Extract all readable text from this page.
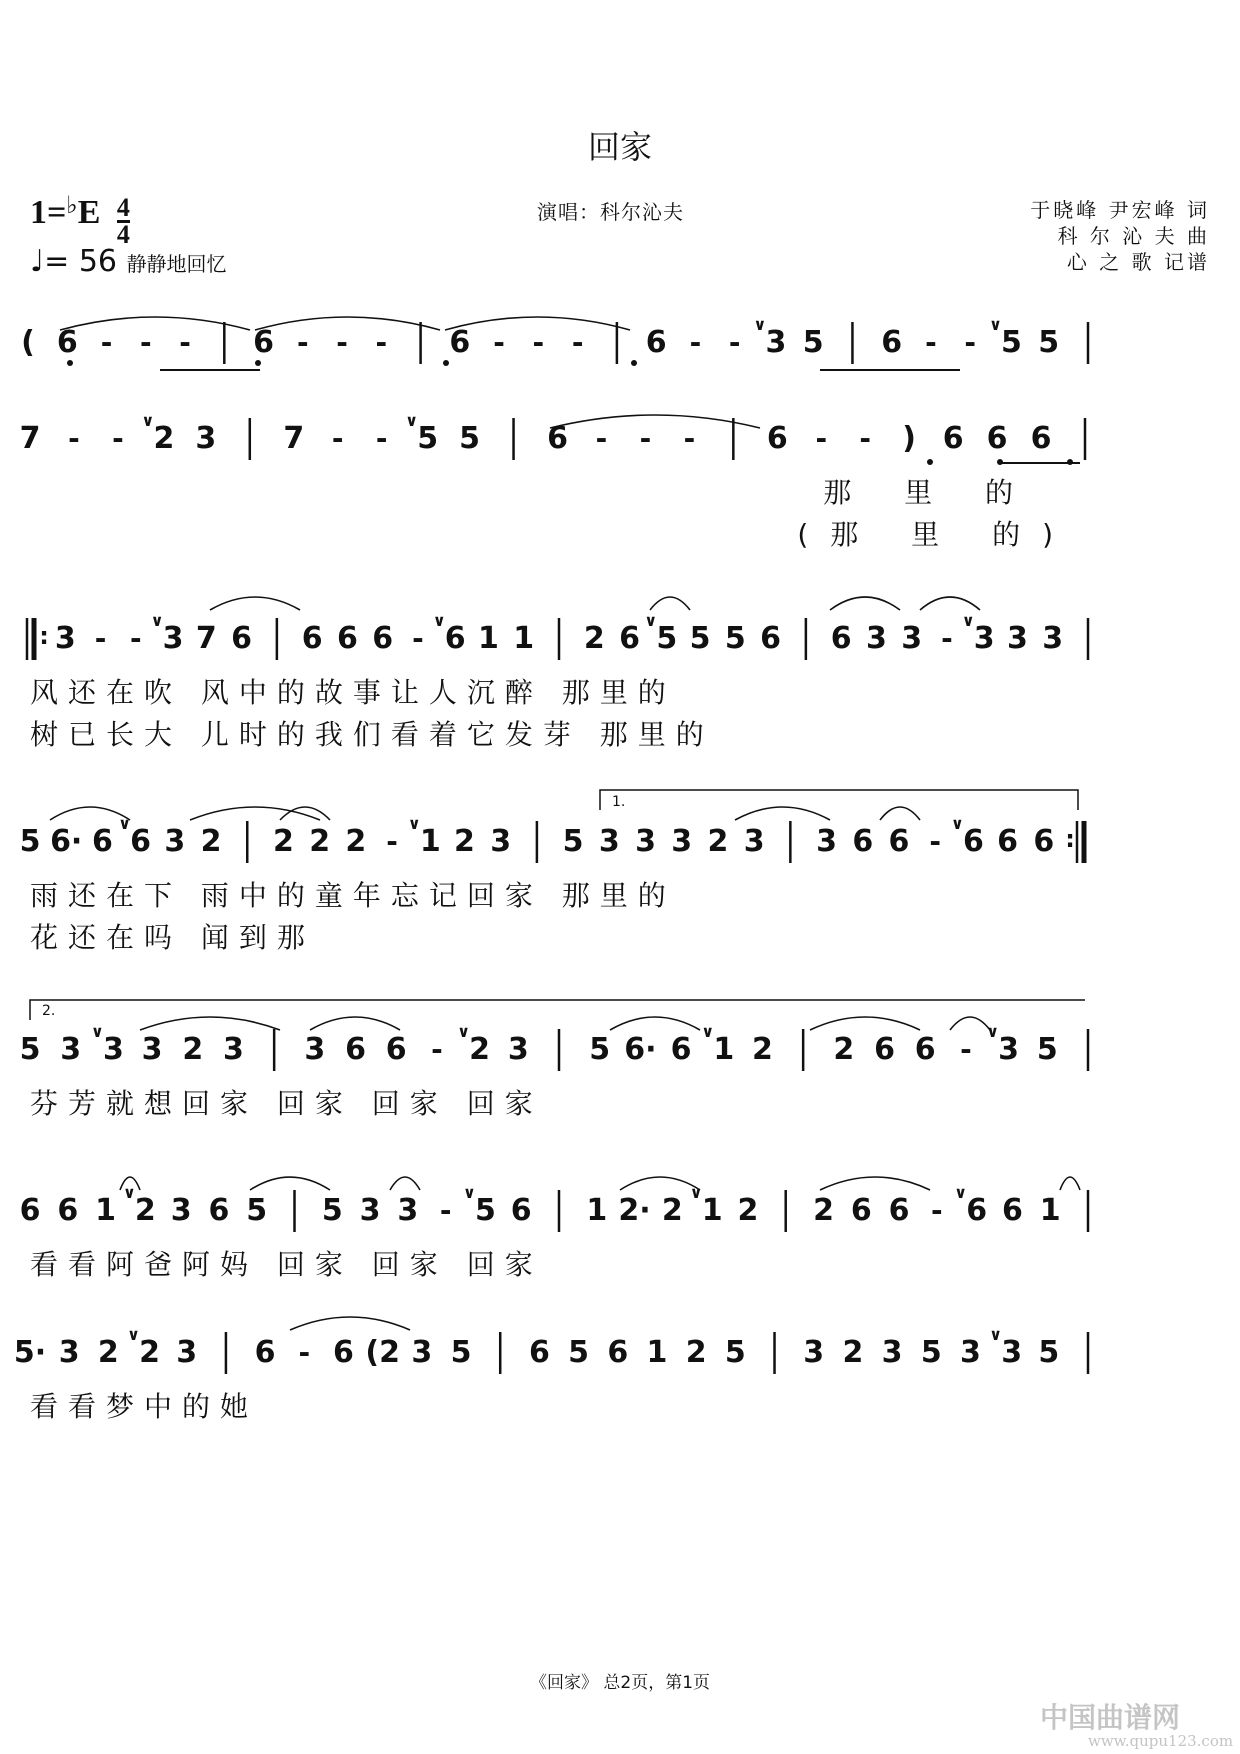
回家
$1=^♭E \frac{4}{4}$
♩= 56 静静地回忆
演唱：科尔沁夫	于晓峰 尹宏峰 词
科 尔 沁 夫 曲
心 之 歌 记谱
( 6 - - - 6 - - - 6 - - - 6 - -
∨
3 5 6 - -
∨
5 5
7 - -
∨
2 3 7 - -
∨
5 5 6 - - - 6 - - ) 6 6 6
那 里 的
(那 里 的)
: 3 - -
∨
3 7 6 6 6 6 -
∨
6 1 1 2 6
∨
5 5 5 6 6 3 3 -
∨
3 3 3
风还在吹 风中的故事让人沉醉 那里的
树已长大 儿时的我们看着它发芽 那里的
5 6· 6
∨
6 3 2 2 2 2 -
∨
1 2 3 5 3 3 3 2 3 3 6 6 -
∨
6 6 6 :
雨还在下 雨中的童年忘记回家 那里的
花还在吗 闻到那
5 3
∨
3 3 2 3 3 6 6 -
∨
2 3 5 6· 6
∨
1 2 2 6 6 -
∨
3 5
芬芳就想回家 回家 回家 回家
6 6 1
∨
2 3 6 5 5 3 3 -
∨
5 6 1 2· 2
∨
1 2 2 6 6 -
∨
6 6 1
看看阿爸阿妈 回家 回家 回家
5· 3 2
∨
2 3 6 - 6 (2 3 5 6 5 6 1 2 5 3 2 3 5 3
∨
3 5
看看梦中的她
1.
2.
《回家》 总2页，第1页
中国曲谱网
www.qupu123.com
